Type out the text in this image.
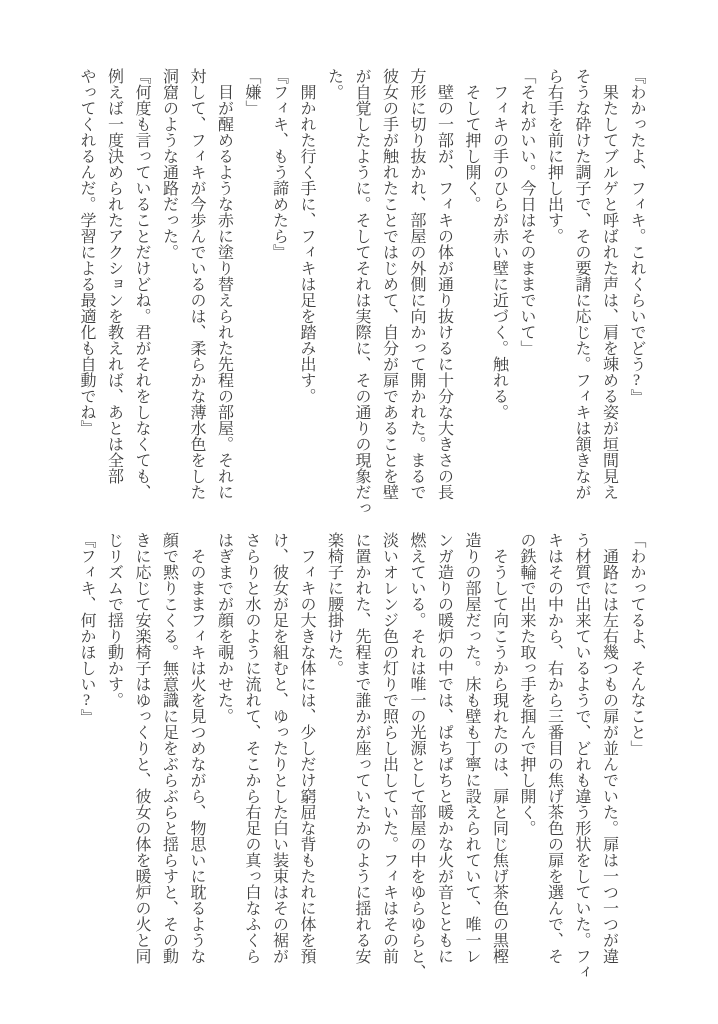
『わかったよ、フィキ。これくらいでどう?』

　果たしてブルゲと呼ばれた声は、肩を竦める姿が垣間見え

そうな砕けた調子で、その要請に応じた。フィキは頷きなが

ら右手を前に押し出す。

「それがいい。今日はそのままでいて」

　フィキの手のひらが赤い壁に近づく。触れる。

　そして押し開く。

　壁の一部が、フィキの体が通り抜けるに十分な大きさの長

方形に切り抜かれ、部屋の外側に向かって開かれた。まるで

彼女の手が触れたことではじめて、自分が扉であることを壁

が自覚したように。そしてそれは実際に、その通りの現象だっ

た。

　開かれた行く手に、フィキは足を踏み出す。

『フィキ、もう諦めたら』

「嫌」

　目が醒めるような赤に塗り替えられた先程の部屋。それに

対して、フィキが今歩んでいるのは、柔らかな薄水色をした

洞窟のような通路だった。

『何度も言っていることだけどね。君がそれをしなくても、

例えば一度決められたアクションを教えれば、あとは全部

やってくれるんだ。学習による最適化も自動でね』

「わかってるよ、そんなこと」

　通路には左右幾つもの扉が並んでいた。扉は一つ一つが違

う材質で出来ているようで、どれも違う形状をしていた。フィ

キはその中から、右から三番目の焦げ茶色の扉を選んで、そ

の鉄輪で出来た取っ手を掴んで押し開く。

　そうして向こうから現れたのは、扉と同じ焦げ茶色の黒樫

造りの部屋だった。床も壁も丁寧に設えられていて、唯一レ

ンガ造りの暖炉の中では、ぱちぱちと暖かな火が音とともに

燃えている。それは唯一の光源として部屋の中をゆらゆらと、

淡いオレンジ色の灯りで照らし出していた。フィキはその前

に置かれた、先程まで誰かが座っていたかのように揺れる安

楽椅子に腰掛けた。

　フィキの大きな体には、少しだけ窮屈な背もたれに体を預

け、彼女が足を組むと、ゆったりとした白い装束はその裾が

さらりと水のように流れて、そこから右足の真っ白なふくら

はぎまでが顔を覗かせた。

　そのままフィキは火を見つめながら、物思いに耽るような

顔で黙りこくる。無意識に足をぶらぶらと揺らすと、その動

きに応じて安楽椅子はゆっくりと、彼女の体を暖炉の火と同

じリズムで揺り動かす。

『フィキ、何かほしい?』
